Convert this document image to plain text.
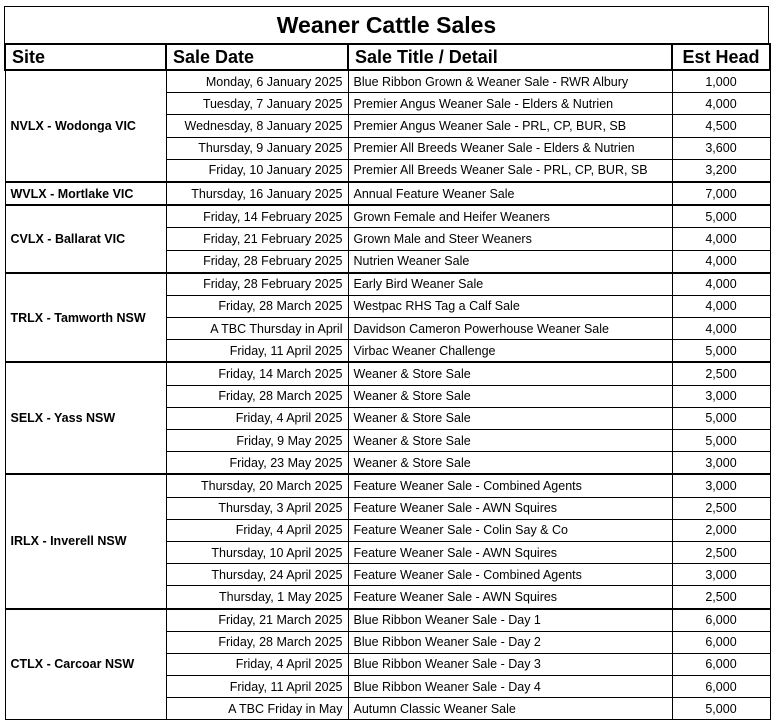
Weaner Cattle Sales
Site	Sale Date	Sale Title / Detail	Est Head
NVLX - Wodonga VIC	Monday, 6 January 2025	Blue Ribbon Grown & Weaner Sale - RWR Albury	1,000
	Tuesday, 7 January 2025	Premier Angus Weaner Sale - Elders & Nutrien	4,000
	Wednesday, 8 January 2025	Premier Angus Weaner Sale - PRL, CP, BUR, SB	4,500
	Thursday, 9 January 2025	Premier All Breeds Weaner Sale - Elders & Nutrien	3,600
	Friday, 10 January 2025	Premier All Breeds Weaner Sale - PRL, CP, BUR, SB	3,200
WVLX - Mortlake VIC	Thursday, 16 January 2025	Annual Feature Weaner Sale	7,000
CVLX - Ballarat VIC	Friday, 14 February 2025	Grown Female and Heifer Weaners	5,000
	Friday, 21 February 2025	Grown Male and Steer Weaners	4,000
	Friday, 28 February 2025	Nutrien Weaner Sale	4,000
TRLX - Tamworth NSW	Friday, 28 February 2025	Early Bird Weaner Sale	4,000
	Friday, 28 March 2025	Westpac RHS Tag a Calf Sale	4,000
	A TBC Thursday in April	Davidson Cameron Powerhouse Weaner Sale	4,000
	Friday, 11 April 2025	Virbac Weaner Challenge	5,000
SELX - Yass NSW	Friday, 14 March 2025	Weaner & Store Sale	2,500
	Friday, 28 March 2025	Weaner & Store Sale	3,000
	Friday, 4 April 2025	Weaner & Store Sale	5,000
	Friday, 9 May 2025	Weaner & Store Sale	5,000
	Friday, 23 May 2025	Weaner & Store Sale	3,000
IRLX - Inverell NSW	Thursday, 20 March 2025	Feature Weaner Sale - Combined Agents	3,000
	Thursday, 3 April 2025	Feature Weaner Sale - AWN Squires	2,500
	Friday, 4 April 2025	Feature Weaner Sale - Colin Say & Co	2,000
	Thursday, 10 April 2025	Feature Weaner Sale - AWN Squires	2,500
	Thursday, 24 April 2025	Feature Weaner Sale - Combined Agents	3,000
	Thursday, 1 May 2025	Feature Weaner Sale - AWN Squires	2,500
CTLX - Carcoar NSW	Friday, 21 March 2025	Blue Ribbon Weaner Sale - Day 1	6,000
	Friday, 28 March 2025	Blue Ribbon Weaner Sale - Day 2	6,000
	Friday, 4 April 2025	Blue Ribbon Weaner Sale - Day 3	6,000
	Friday, 11 April 2025	Blue Ribbon Weaner Sale - Day 4	6,000
	A TBC Friday in May	Autumn Classic Weaner Sale	5,000
